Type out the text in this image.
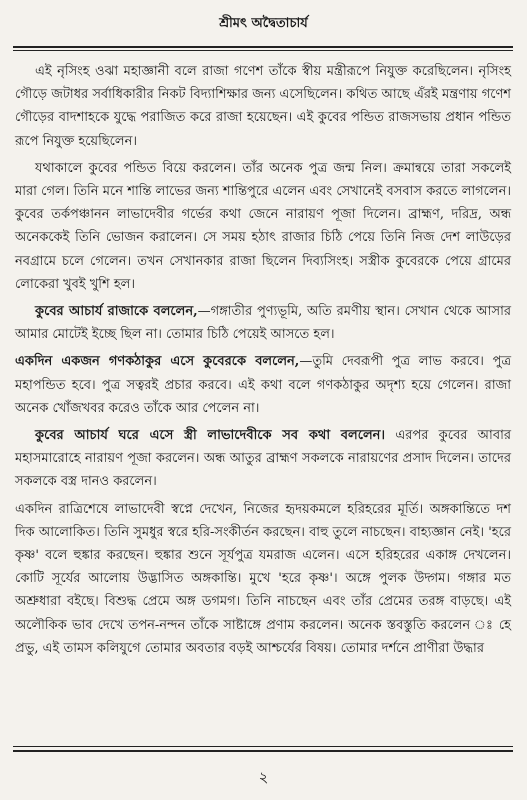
শ্রীমৎ অদ্বৈতাচার্য

এই নৃসিংহ ওঝা মহাজ্ঞানী বলে রাজা গণেশ তাঁকে স্বীয় মন্ত্রীরূপে নিযুক্ত করেছিলেন। নৃসিংহ গৌড়ে জটাধর সর্বাধিকারীর নিকট বিদ্যাশিক্ষার জন্য এসেছিলেন। কথিত আছে এঁরই মন্ত্রণায় গণেশ গৌড়ের বাদশাহকে যুদ্ধে পরাজিত করে রাজা হয়েছেন। এই কুবের পন্ডিত রাজসভায় প্রধান পন্ডিত রূপে নিযুক্ত হয়েছিলেন।

যথাকালে কুবের পন্ডিত বিয়ে করলেন। তাঁর অনেক পুত্র জন্ম নিল। ক্রমান্বয়ে তারা সকলেই মারা গেল। তিনি মনে শান্তি লাভের জন্য শান্তিপুরে এলেন এবং সেখানেই বসবাস করতে লাগলেন। কুবের তর্কপঞ্চানন লাভাদেবীর গর্ভের কথা জেনে নারায়ণ পূজা দিলেন। ব্রাহ্মণ, দরিদ্র, অন্ধ অনেককেই তিনি ভোজন করালেন। সে সময় হঠাৎ রাজার চিঠি পেয়ে তিনি নিজ দেশ লাউড়ের নবগ্রামে চলে গেলেন। তখন সেখানকার রাজা ছিলেন দিব্যসিংহ। সস্ত্রীক কুবেরকে পেয়ে গ্রামের লোকেরা খুবই খুশি হল।

কুবের আচার্য রাজাকে বললেন,—গঙ্গাতীর পুণ্যভূমি, অতি রমণীয় স্থান। সেখান থেকে আসার আমার মোটেই ইচ্ছে ছিল না। তোমার চিঠি পেয়েই আসতে হল।

একদিন একজন গণকঠাকুর এসে কুবেরকে বললেন,—তুমি দেবরূপী পুত্র লাভ করবে। পুত্র মহাপন্ডিত হবে। পুত্র সত্বরই প্রচার করবে। এই কথা বলে গণকঠাকুর অদৃশ্য হয়ে গেলেন। রাজা অনেক খোঁজখবর করেও তাঁকে আর পেলেন না।

কুবের আচার্য ঘরে এসে স্ত্রী লাভাদেবীকে সব কথা বললেন। এরপর কুবের আবার মহাসমারোহে নারায়ণ পূজা করলেন। অন্ধ আতুর ব্রাহ্মণ সকলকে নারায়ণের প্রসাদ দিলেন। তাদের সকলকে বস্ত্র দানও করলেন।

একদিন রাত্রিশেষে লাভাদেবী স্বপ্নে দেখেন, নিজের হৃদয়কমলে হরিহরের মূর্তি। অঙ্গকান্তিতে দশ দিক আলোকিত। তিনি সুমধুর স্বরে হরি-সংকীর্তন করছেন। বাহু তুলে নাচছেন। বাহ্যজ্ঞান নেই। 'হরে কৃষ্ণ' বলে হুঙ্কার করছেন। হুঙ্কার শুনে সূর্যপুত্র যমরাজ এলেন। এসে হরিহরের একাঙ্গ দেখলেন। কোটি সূর্যের আলোয় উদ্ভাসিত অঙ্গকান্তি। মুখে 'হরে কৃষ্ণ'। অঙ্গে পুলক উদ্গম। গঙ্গার মত অশ্রুধারা বইছে। বিশুদ্ধ প্রেমে অঙ্গ ডগমগ। তিনি নাচছেন এবং তাঁর প্রেমের তরঙ্গ বাড়ছে। এই অলৌকিক ভাব দেখে তপন-নন্দন তাঁকে সাষ্টাঙ্গে প্রণাম করলেন। অনেক স্তবস্তুতি করলেন ঃ হে প্রভু, এই তামস কলিযুগে তোমার অবতার বড়ই আশ্চর্যের বিষয়। তোমার দর্শনে প্রাণীরা উদ্ধার

২
